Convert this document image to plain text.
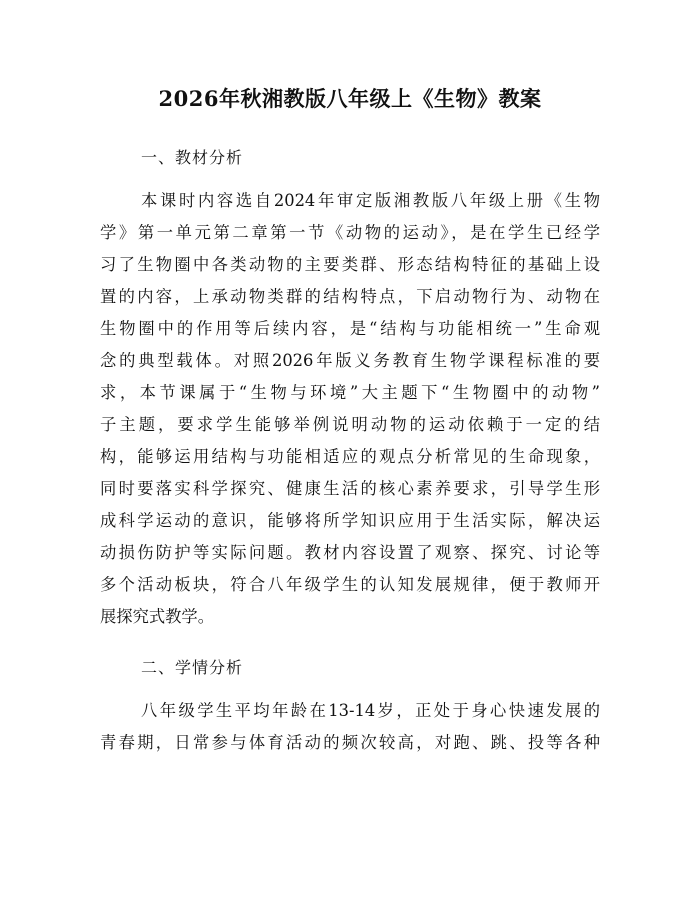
2026年秋湘教版八年级上《生物》教案
一、教材分析
本课时内容选自2024年审定版湘教版八年级上册《生物
学》第一单元第二章第一节《动物的运动》，是在学生已经学
习了生物圈中各类动物的主要类群、形态结构特征的基础上设
置的内容，上承动物类群的结构特点，下启动物行为、动物在
生物圈中的作用等后续内容，是“结构与功能相统一”生命观
念的典型载体。对照2026年版义务教育生物学课程标准的要
求，本节课属于“生物与环境”大主题下“生物圈中的动物”
子主题，要求学生能够举例说明动物的运动依赖于一定的结
构，能够运用结构与功能相适应的观点分析常见的生命现象，
同时要落实科学探究、健康生活的核心素养要求，引导学生形
成科学运动的意识，能够将所学知识应用于生活实际，解决运
动损伤防护等实际问题。教材内容设置了观察、探究、讨论等
多个活动板块，符合八年级学生的认知发展规律，便于教师开
展探究式教学。
二、学情分析
八年级学生平均年龄在13-14岁，正处于身心快速发展的
青春期，日常参与体育活动的频次较高，对跑、跳、投等各种
